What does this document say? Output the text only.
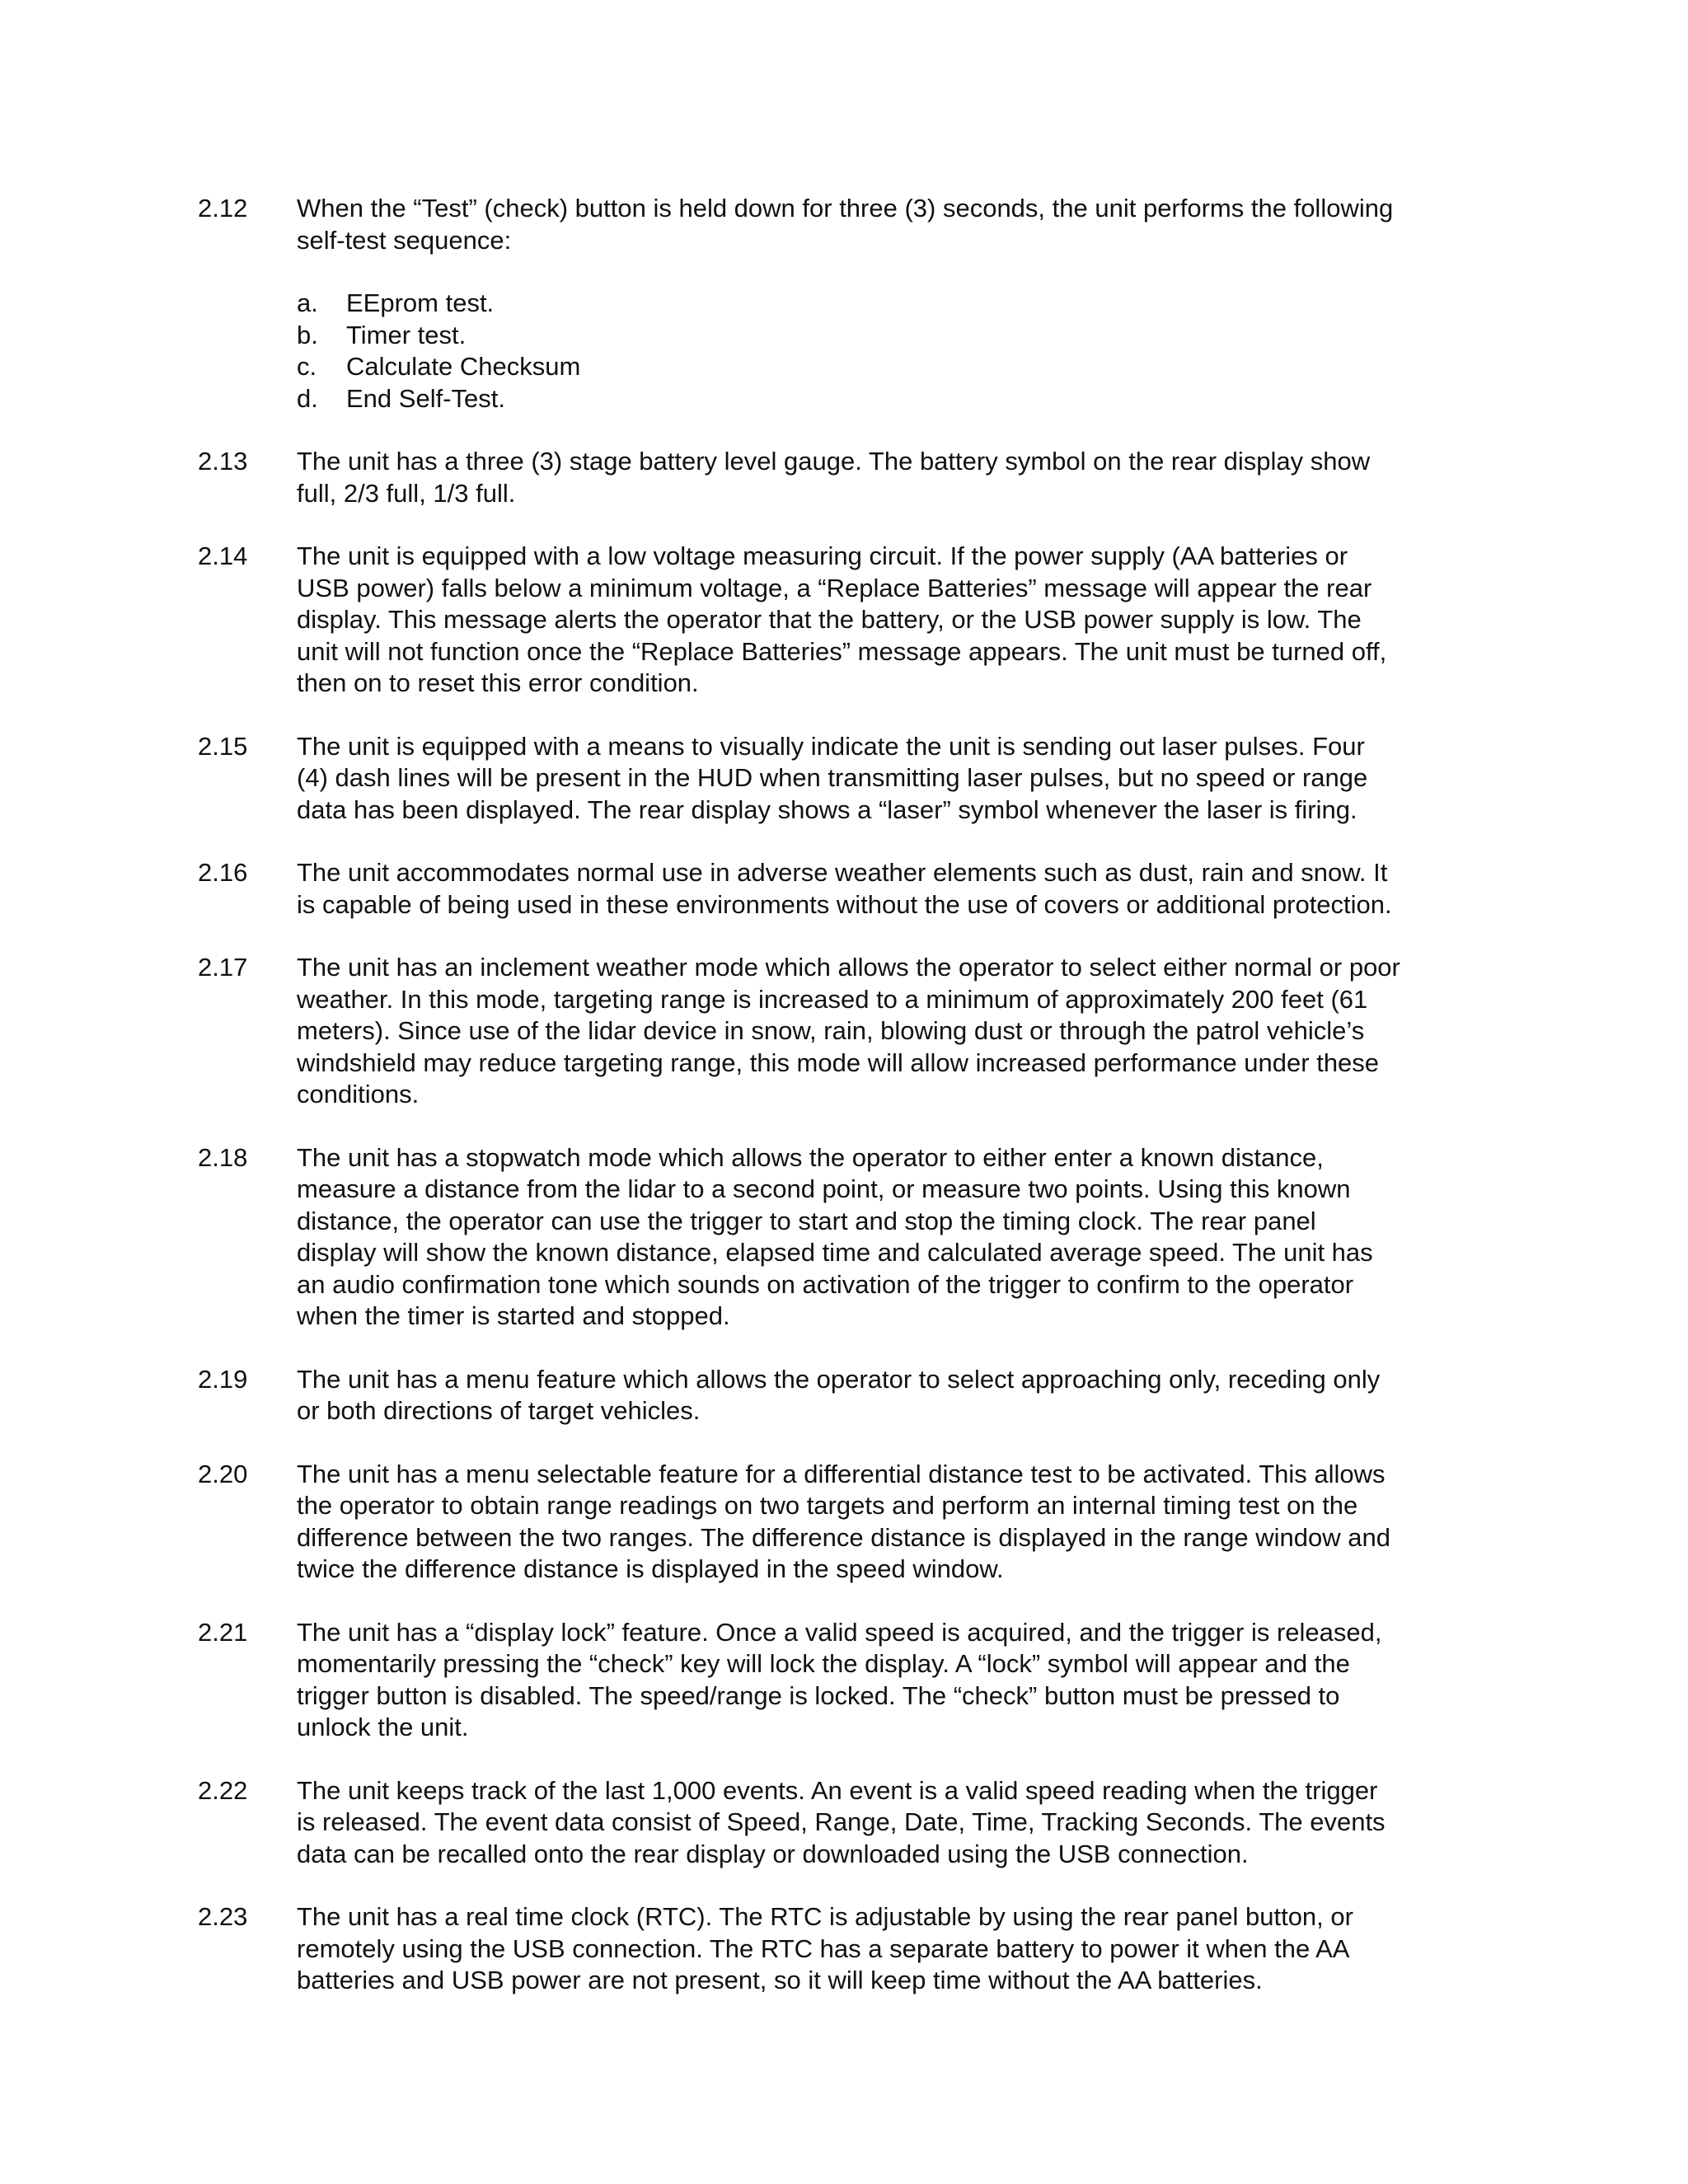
2.12	When the “Test” (check) button is held down for three (3) seconds, the unit performs the following
self-test sequence:
a.	EEprom test.
b.	Timer test.
c.	Calculate Checksum
d.	End Self-Test.
2.13	The unit has a three (3) stage battery level gauge. The battery symbol on the rear display show
full, 2/3 full, 1/3 full.
2.14	The unit is equipped with a low voltage measuring circuit. If the power supply (AA batteries or
USB power) falls below a minimum voltage, a “Replace Batteries” message will appear the rear
display. This message alerts the operator that the battery, or the USB power supply is low. The
unit will not function once the “Replace Batteries” message appears. The unit must be turned off,
then on to reset this error condition.
2.15	The unit is equipped with a means to visually indicate the unit is sending out laser pulses. Four
(4) dash lines will be present in the HUD when transmitting laser pulses, but no speed or range
data has been displayed. The rear display shows a “laser” symbol whenever the laser is firing.
2.16	The unit accommodates normal use in adverse weather elements such as dust, rain and snow. It
is capable of being used in these environments without the use of covers or additional protection.
2.17	The unit has an inclement weather mode which allows the operator to select either normal or poor
weather. In this mode, targeting range is increased to a minimum of approximately 200 feet (61
meters). Since use of the lidar device in snow, rain, blowing dust or through the patrol vehicle’s
windshield may reduce targeting range, this mode will allow increased performance under these
conditions.
2.18	The unit has a stopwatch mode which allows the operator to either enter a known distance,
measure a distance from the lidar to a second point, or measure two points. Using this known
distance, the operator can use the trigger to start and stop the timing clock. The rear panel
display will show the known distance, elapsed time and calculated average speed. The unit has
an audio confirmation tone which sounds on activation of the trigger to confirm to the operator
when the timer is started and stopped.
2.19	The unit has a menu feature which allows the operator to select approaching only, receding only
or both directions of target vehicles.
2.20	The unit has a menu selectable feature for a differential distance test to be activated. This allows
the operator to obtain range readings on two targets and perform an internal timing test on the
difference between the two ranges. The difference distance is displayed in the range window and
twice the difference distance is displayed in the speed window.
2.21	The unit has a “display lock” feature. Once a valid speed is acquired, and the trigger is released,
momentarily pressing the “check” key will lock the display. A “lock” symbol will appear and the
trigger button is disabled. The speed/range is locked. The “check” button must be pressed to
unlock the unit.
2.22	The unit keeps track of the last 1,000 events. An event is a valid speed reading when the trigger
is released. The event data consist of Speed, Range, Date, Time, Tracking Seconds. The events
data can be recalled onto the rear display or downloaded using the USB connection.
2.23	The unit has a real time clock (RTC). The RTC is adjustable by using the rear panel button, or
remotely using the USB connection. The RTC has a separate battery to power it when the AA
batteries and USB power are not present, so it will keep time without the AA batteries.
